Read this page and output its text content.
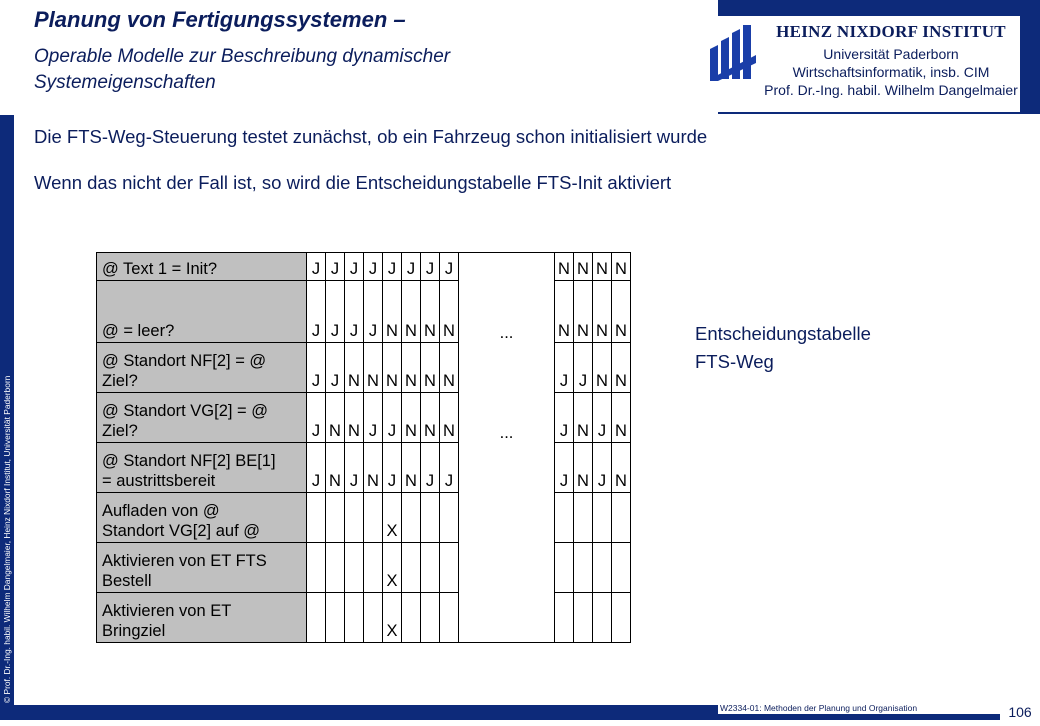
© Prof. Dr.-Ing. habil. Wilhelm Dangelmaier, Heinz Nixdorf Institut, Universität Paderborn
W2334-01: Methoden der Planung und Organisation	106
Planung von Fertigungssystemen –
Operable Modelle zur Beschreibung dynamischer
Systemeigenschaften
HEINZ NIXDORF INSTITUT
Universität Paderborn
Wirtschaftsinformatik, insb. CIM
Prof. Dr.-Ing. habil. Wilhelm Dangelmaier
Die FTS-Weg-Steuerung testet zunächst, ob ein Fahrzeug schon initialisiert wurde
Wenn das nicht der Fall ist, so wird die Entscheidungstabelle FTS-Init aktiviert
@ Text 1 = Init?	J	J	J	J	J	J	J	J		N	N	N	N

@ = leer?	J	J	J	J	N	N	N	N	...	N	N	N	N

@ Standort NF[2] = @
Ziel?	J	J	N	N	N	N	N	N		J	J	N	N

@ Standort VG[2] = @
Ziel?	J	N	N	J	J	N	N	N	...	J	N	J	N

@ Standort NF[2] BE[1]
= austrittsbereit	J	N	J	N	J	N	J	J		J	N	J	N

Aufladen von @
Standort VG[2] auf @					X								

Aktivieren von ET FTS
Bestell					X								

Aktivieren von ET
Bringziel					X								
Entscheidungstabelle
FTS-Weg
